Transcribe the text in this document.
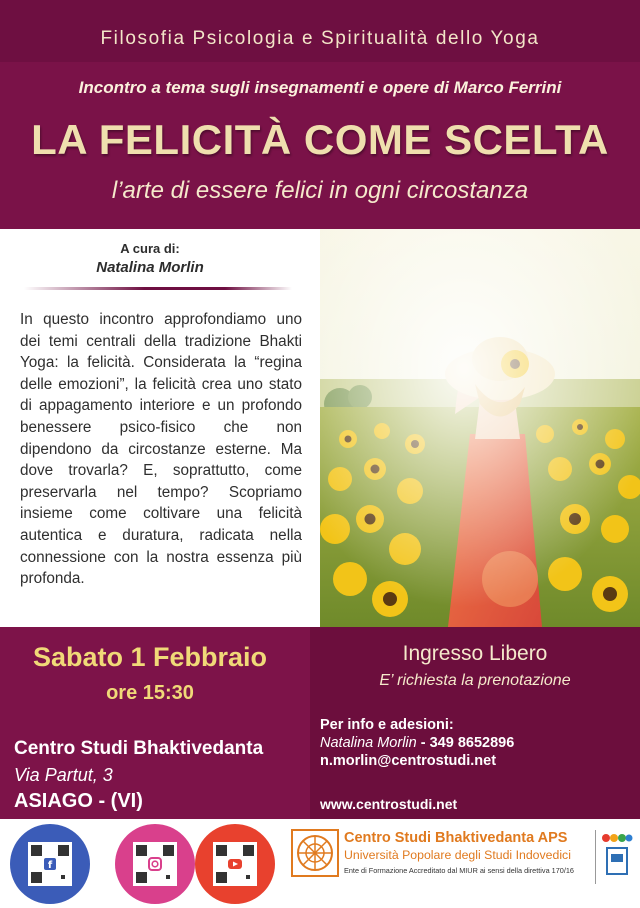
Filosofia Psicologia e Spiritualità dello Yoga
Incontro a tema sugli insegnamenti e opere di Marco Ferrini
LA FELICITÀ COME SCELTA
l’arte di essere felici in ogni circostanza
A cura di:
Natalina Morlin
In questo incontro approfondiamo uno dei temi centrali della tradizione Bhakti Yoga: la felicità. Considerata la “regina delle emozioni”, la felicità crea uno stato di appagamento interiore e un profondo benessere psico-fisico che non dipendono da circostanze esterne. Ma dove trovarla? E, soprattutto, come preservarla nel tempo? Scopriamo insieme come coltivare una felicità autentica e duratura, radicata nella connessione con la nostra essenza più profonda.
Sabato 1 Febbraio
ore 15:30
Centro Studi Bhaktivedanta
Via Partut, 3
ASIAGO - (VI)
Ingresso Libero
E’ richiesta la prenotazione
Per info e adesioni:
Natalina Morlin - 349 8652896
n.morlin@centrostudi.net
www.centrostudi.net
f
Centro Studi Bhaktivedanta APS
Università Popolare degli Studi Indovedici
Ente di Formazione Accreditato dal MIUR ai sensi della direttiva 170/16
